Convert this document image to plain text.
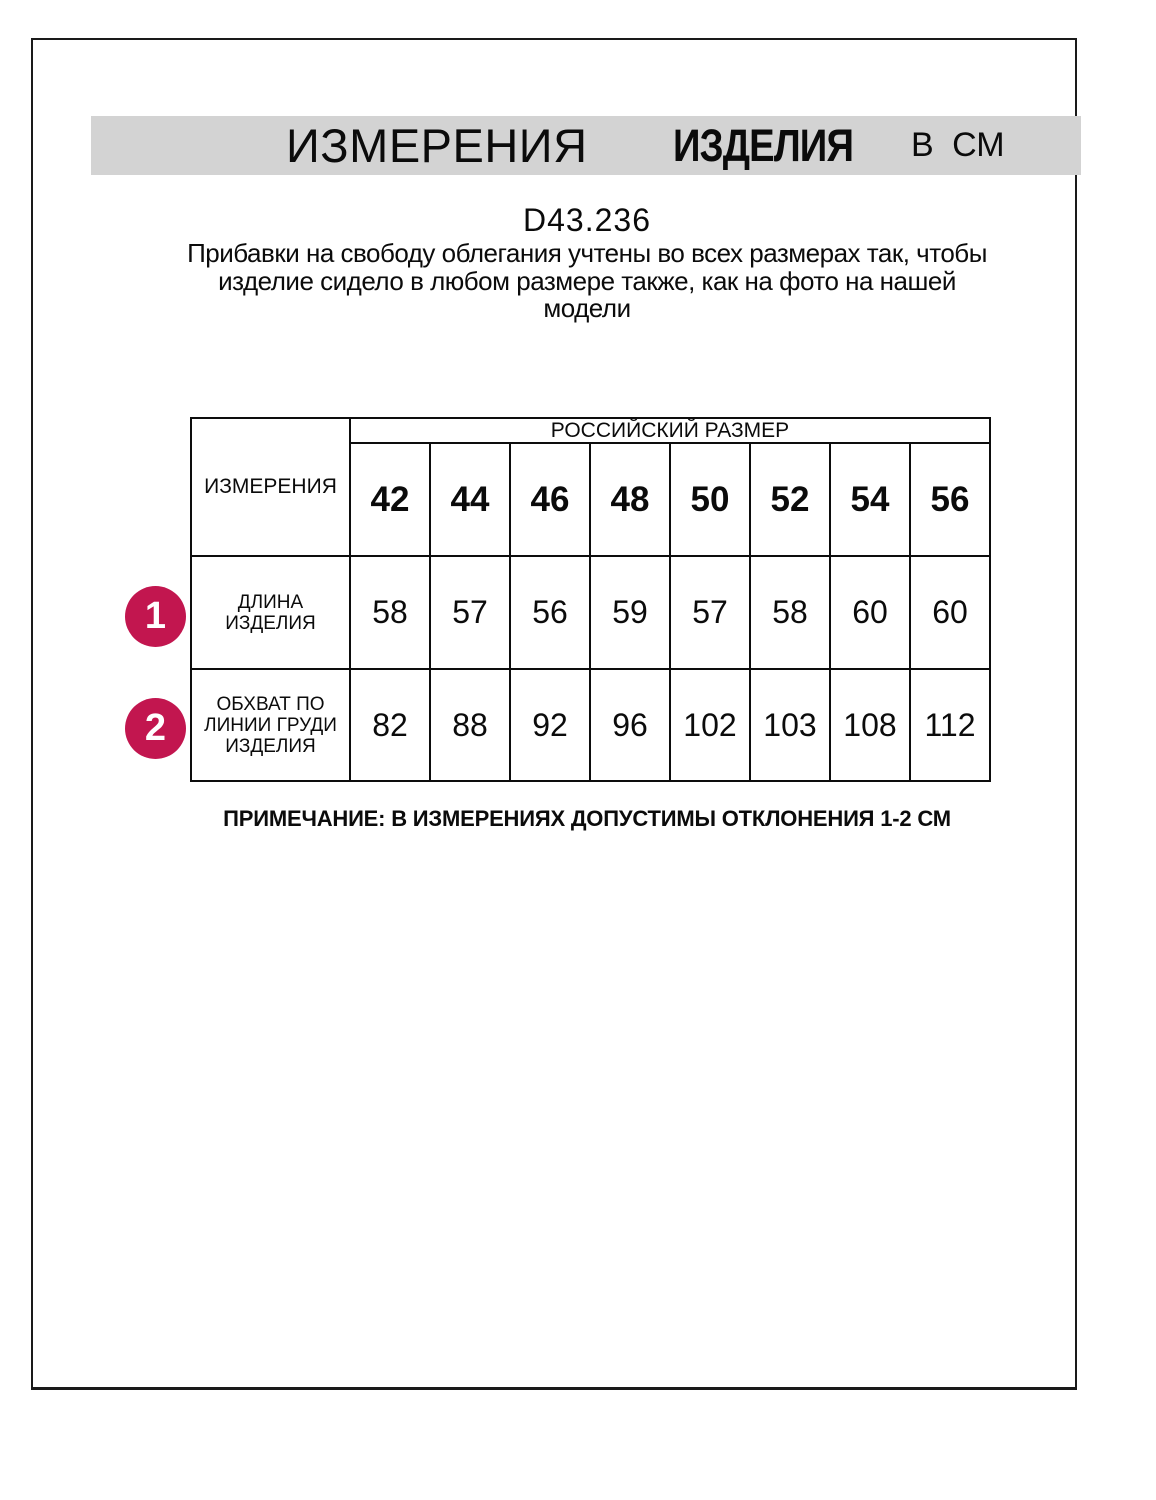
ИЗМЕРЕНИЯ ИЗДЕЛИЯ В СМ
D43.236
Прибавки на свободу облегания учтены во всех размерах так, чтобы
изделие сидело в любом размере также, как на фото на нашей
модели
1
2
ИЗМЕРЕНИЯ	РОССИЙСКИЙ РАЗМЕР							
	42	44	46	48	50	52	54	56
ДЛИНА ИЗДЕЛИЯ	58	57	56	59	57	58	60	60
ОБХВАТ ПО ЛИНИИ ГРУДИ ИЗДЕЛИЯ	82	88	92	96	102	103	108	112
ПРИМЕЧАНИЕ: В ИЗМЕРЕНИЯХ ДОПУСТИМЫ ОТКЛОНЕНИЯ 1-2 СМ
